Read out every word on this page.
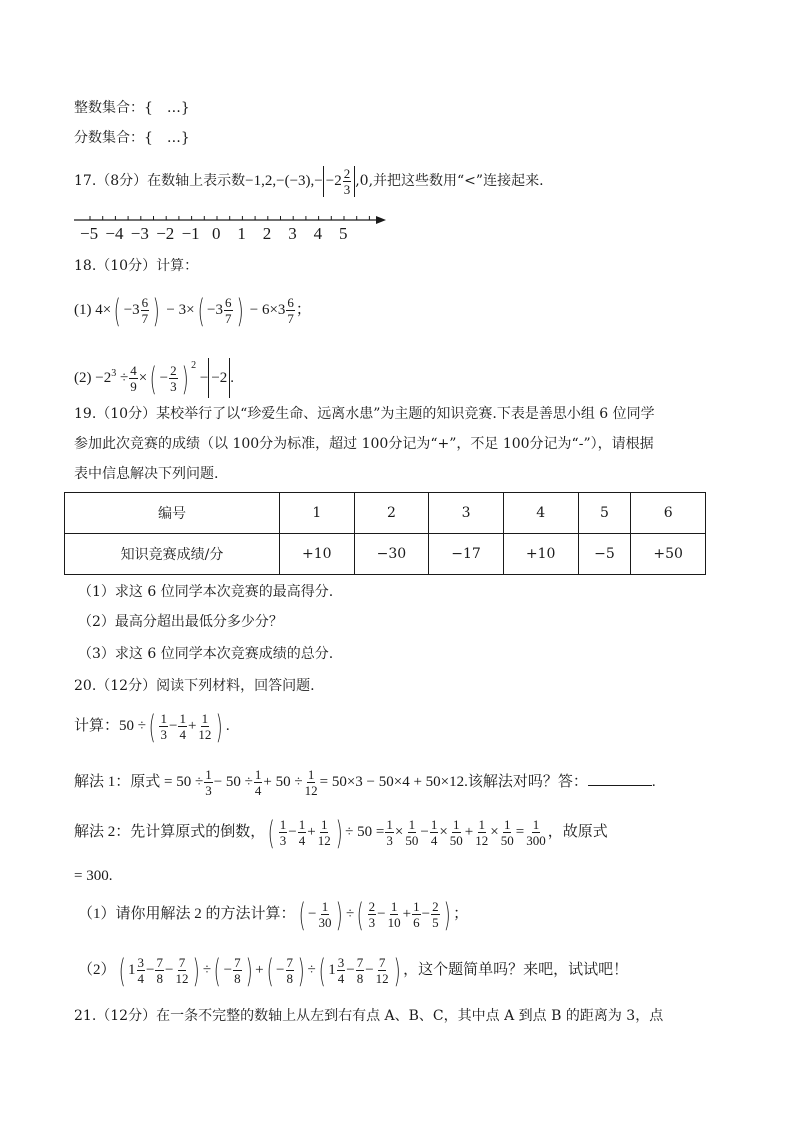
整数集合：{　…}
分数集合：{　…}
17.（8分）在数轴上表示数$-1,2,-(-3),- -2 \frac{2}{3} ,0$,并把这些数用“<”连接起来.
−5 −4 −3 −2 −1 0 1 2 3 4 5
18.（10分）计算：
(1) $4\times( -3 \frac{6}{7}$ ) − $3\times( -3 \frac{6}{7}$ ) − $6\times 3 \frac{6}{7}$ ；
$(2) -2^3 \div \frac{4}{9}$ ×( − $\frac{2}{3}$ ) $^2$ − −2 .
19.（10分）某校举行了以“珍爱生命、远离水患”为主题的知识竞赛.下表是善思小组 6 位同学
参加此次竞赛的成绩（以 100分为标准，超过 100分记为“+”，不足 100分记为“-”），请根据
表中信息解决下列问题.
编号	1	2	3	4	5	6
知识竞赛成绩/分	+10	−30	−17	+10	−5	+50
（1）求这 6 位同学本次竞赛的最高得分.
（2）最高分超出最低分多少分？
（3）求这 6 位同学本次竞赛成绩的总分.
20.（12分）阅读下列材料，回答问题.
计算：50 ÷( $\frac{1}{3} - \frac{1}{4} + \frac{1}{12}$ ) .
解法 1：原式 = $50 \div \frac{1}{3} - 50 \div \frac{1}{4} + 50 \div \frac{1}{12} = 50\times 3 - 50\times 4 + 50\times 12$.该解法对吗？答：	.
解法 2：先计算原式的倒数，( $\frac{1}{3} - \frac{1}{4} + \frac{1}{12}$ ) ÷ $50 = \frac{1}{3} \times \frac{1}{50} - \frac{1}{4} \times \frac{1}{50} + \frac{1}{12} \times \frac{1}{50} = \frac{1}{300}$ ，故原式
= 300.
（1）请你用解法 2 的方法计算：( − $\frac{1}{30}$ ) ÷( $\frac{2}{3} - \frac{1}{10} + \frac{1}{6} - \frac{2}{5}$ ) ；
（2）( $1 \frac{3}{4} - \frac{7}{8} - \frac{7}{12}$ ) ÷( − $\frac{7}{8}$ ) +( − $\frac{7}{8}$ ) ÷( $1 \frac{3}{4} - \frac{7}{8} - \frac{7}{12}$ ) ，这个题简单吗？来吧，试试吧！
21.（12分）在一条不完整的数轴上从左到右有点 A、B、C，其中点 A 到点 B 的距离为 3，点
